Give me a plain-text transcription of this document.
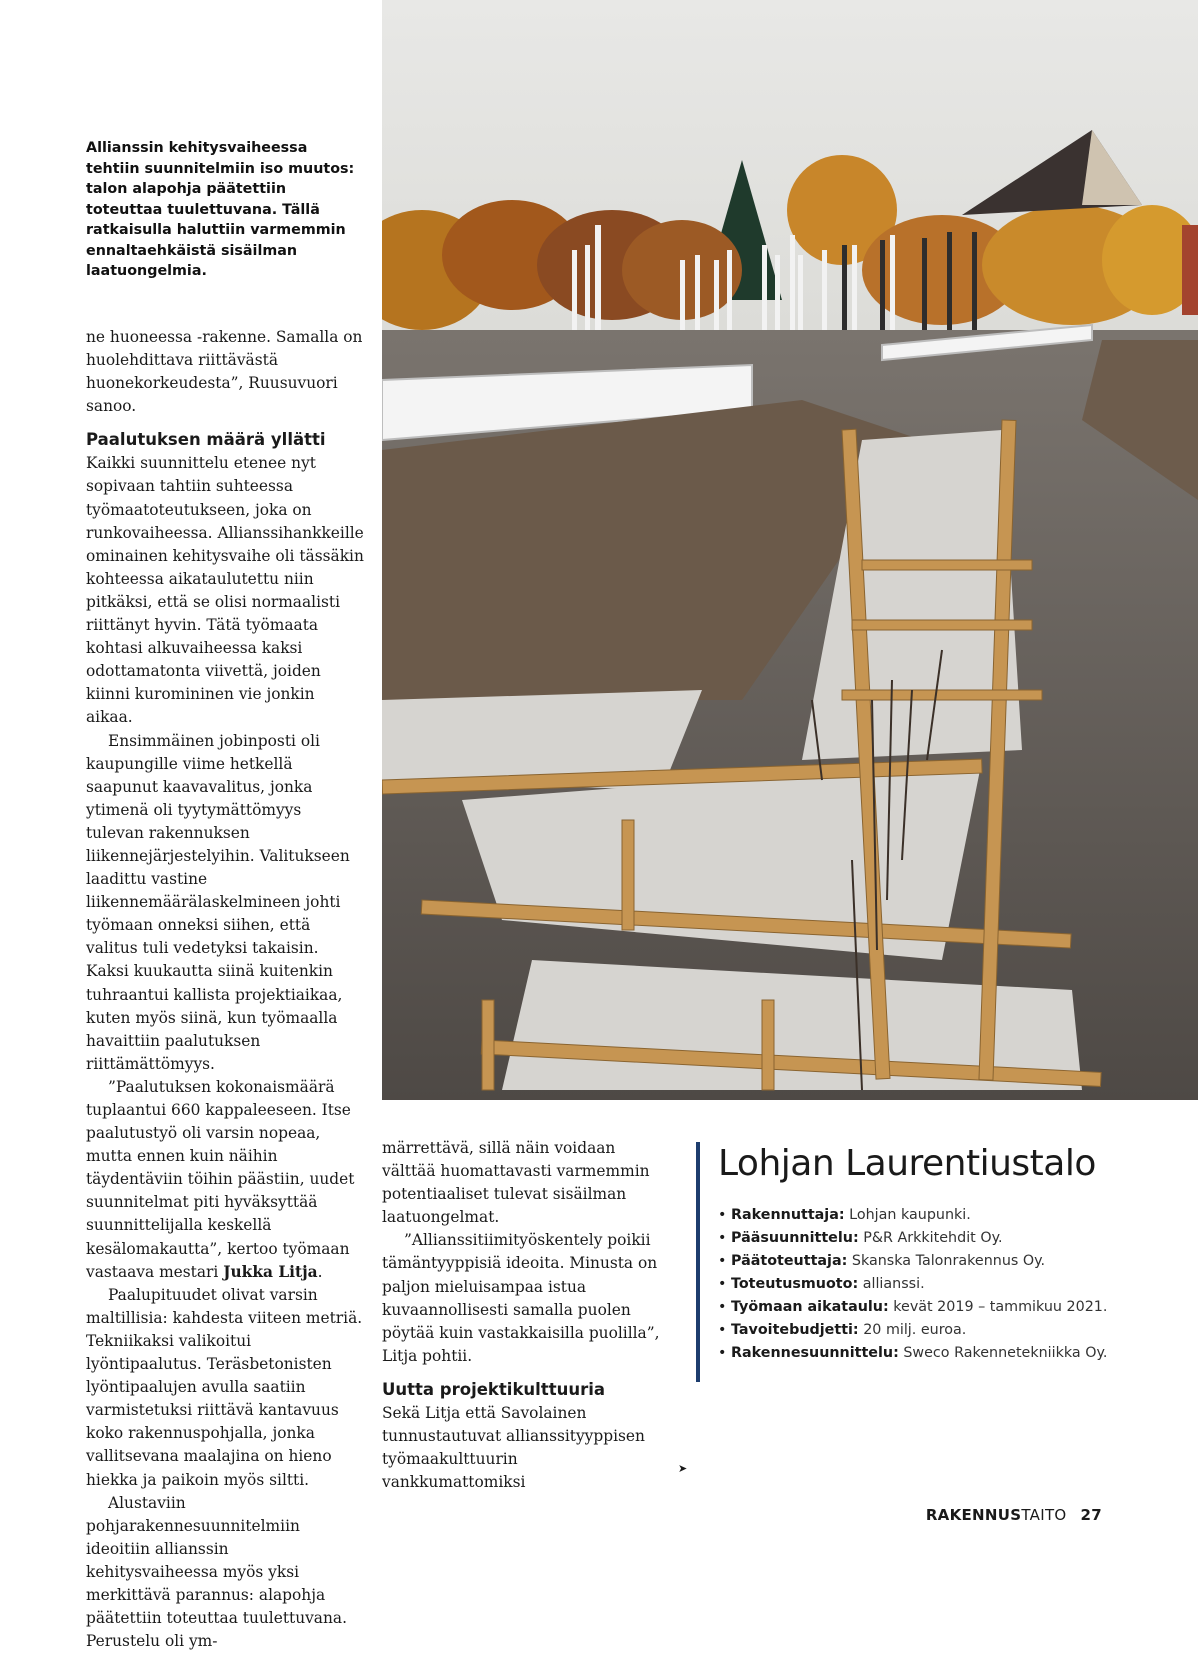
Allianssin kehitysvaiheessa tehtiin suunnitelmiin iso muutos: talon alapohja päätettiin toteuttaa tuulettuvana. Tällä ratkaisulla haluttiin varmemmin ennaltaehkäistä sisäilman laatuongelmia.

ne huoneessa -rakenne. Samalla on huolehdittava riittävästä huonekorkeudesta”, Ruusuvuori sanoo.

Paalutuksen määrä yllätti

Kaikki suunnittelu etenee nyt sopivaan tahtiin suhteessa työmaatoteutukseen, joka on runkovaiheessa. Allianssihankkeille ominainen kehitysvaihe oli tässäkin kohteessa aikataulutettu niin pitkäksi, että se olisi normaalisti riittänyt hyvin. Tätä työmaata kohtasi alkuvaiheessa kaksi odottamatonta viivettä, joiden kiinni kuromininen vie jonkin aikaa.

Ensimmäinen jobinposti oli kaupungille viime hetkellä saapunut kaavavalitus, jonka ytimenä oli tyytymättömyys tulevan rakennuksen liikennejärjestelyihin. Valitukseen laadittu vastine liikennemäärälaskelmineen johti työmaan onneksi siihen, että valitus tuli vedetyksi takaisin. Kaksi kuukautta siinä kuitenkin tuhraantui kallista projektiaikaa, kuten myös siinä, kun työmaalla havaittiin paalutuksen riittämättömyys.

”Paalutuksen kokonaismäärä tuplaantui 660 kappaleeseen. Itse paalutustyö oli varsin nopeaa, mutta ennen kuin näihin täydentäviin töihin päästiin, uudet suunnitelmat piti hyväksyttää suunnittelijalla keskellä kesälomakautta”, kertoo työmaan vastaava mestari Jukka Litja.

Paalupituudet olivat varsin maltillisia: kahdesta viiteen metriä. Tekniikaksi valikoitui lyöntipaalutus. Teräsbetonisten lyöntipaalujen avulla saatiin varmistetuksi riittävä kantavuus koko rakennuspohjalla, jonka vallitsevana maalajina on hieno hiekka ja paikoin myös siltti.

Alustaviin pohjarakennesuunnitelmiin ideoitiin allianssin kehitysvaiheessa myös yksi merkittävä parannus: alapohja päätettiin toteuttaa tuulettuvana. Perustelu oli ym-

märrettävä, sillä näin voidaan välttää huomattavasti varmemmin potentiaaliset tulevat sisäilman laatuongelmat.

”Allianssitiimityöskentely poikii tämäntyyppisiä ideoita. Minusta on paljon mieluisampaa istua kuvaannollisesti samalla puolen pöytää kuin vastakkaisilla puolilla”, Litja pohtii.

Uutta projektikulttuuria

Sekä Litja että Savolainen tunnustautuvat allianssityyppisen työmaakulttuurin vankkumattomiksi

➤
Lohjan Laurentiustalo
• Rakennuttaja: Lohjan kaupunki.
• Pääsuunnittelu: P&R Arkkitehdit Oy.
• Päätoteuttaja: Skanska Talonrakennus Oy.
• Toteutusmuoto: allianssi.
• Työmaan aikataulu: kevät 2019 – tammikuu 2021.
• Tavoitebudjetti: 20 milj. euroa.
• Rakennesuunnittelu: Sweco Rakennetekniikka Oy.
RAKENNUSTAITO 27
